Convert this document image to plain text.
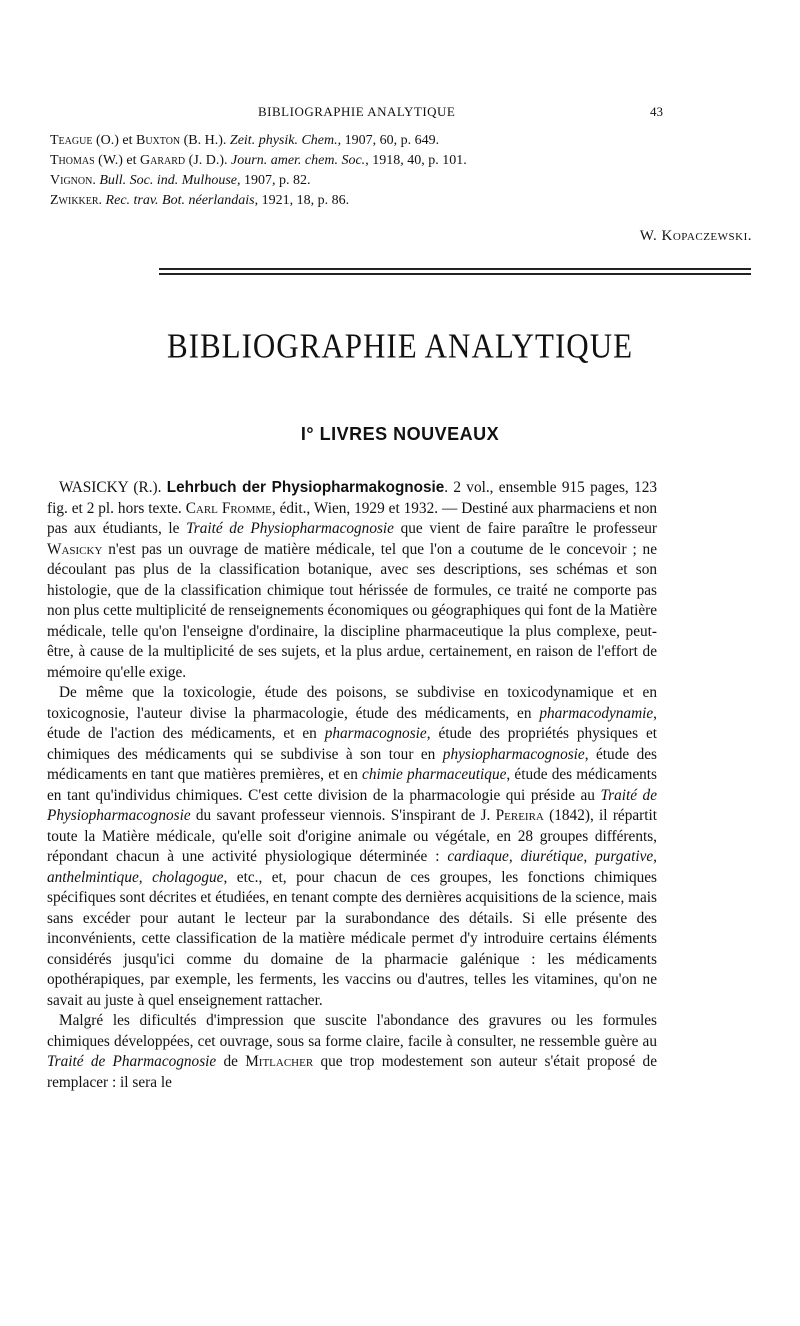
BIBLIOGRAPHIE ANALYTIQUE	43
Teague (O.) et Buxton (B. H.). Zeit. physik. Chem., 1907, 60, p. 649.
Thomas (W.) et Garard (J. D.). Journ. amer. chem. Soc., 1918, 40, p. 101.
Vignon. Bull. Soc. ind. Mulhouse, 1907, p. 82.
Zwikker. Rec. trav. Bot. néerlandais, 1921, 18, p. 86.
W. Kopaczewski.
BIBLIOGRAPHIE ANALYTIQUE
I° LIVRES NOUVEAUX

WASICKY (R.). Lehrbuch der Physiopharmakognosie. 2 vol., ensemble 915 pages, 123 fig. et 2 pl. hors texte. Carl Fromme, édit., Wien, 1929 et 1932. — Destiné aux pharmaciens et non pas aux étudiants, le Traité de Physiopharmacognosie que vient de faire paraître le professeur Wasicky n'est pas un ouvrage de matière médicale, tel que l'on a coutume de le concevoir ; ne découlant pas plus de la classification botanique, avec ses descriptions, ses schémas et son histologie, que de la classification chimique tout hérissée de formules, ce traité ne comporte pas non plus cette multiplicité de renseignements économiques ou géographiques qui font de la Matière médicale, telle qu'on l'enseigne d'ordinaire, la discipline pharmaceutique la plus complexe, peut-être, à cause de la multiplicité de ses sujets, et la plus ardue, certainement, en raison de l'effort de mémoire qu'elle exige.

De même que la toxicologie, étude des poisons, se subdivise en toxicodynamique et en toxicognosie, l'auteur divise la pharmacologie, étude des médicaments, en pharmacodynamie, étude de l'action des médicaments, et en pharmacognosie, étude des propriétés physiques et chimiques des médicaments qui se subdivise à son tour en physiopharmacognosie, étude des médicaments en tant que matières premières, et en chimie pharmaceutique, étude des médicaments en tant qu'individus chimiques. C'est cette division de la pharmacologie qui préside au Traité de Physiopharmacognosie du savant professeur viennois. S'inspirant de J. Pereira (1842), il répartit toute la Matière médicale, qu'elle soit d'origine animale ou végétale, en 28 groupes différents, répondant chacun à une activité physiologique déterminée : cardiaque, diurétique, purgative, anthelmintique, cholagogue, etc., et, pour chacun de ces groupes, les fonctions chimiques spécifiques sont décrites et étudiées, en tenant compte des dernières acquisitions de la science, mais sans excéder pour autant le lecteur par la surabondance des détails. Si elle présente des inconvénients, cette classification de la matière médicale permet d'y introduire certains éléments considérés jusqu'ici comme du domaine de la pharmacie galénique : les médicaments opothérapiques, par exemple, les ferments, les vaccins ou d'autres, telles les vitamines, qu'on ne savait au juste à quel enseignement rattacher.

Malgré les dificultés d'impression que suscite l'abondance des gravures ou les formules chimiques développées, cet ouvrage, sous sa forme claire, facile à consulter, ne ressemble guère au Traité de Pharmacognosie de Mitlacher que trop modestement son auteur s'était proposé de remplacer : il sera le
